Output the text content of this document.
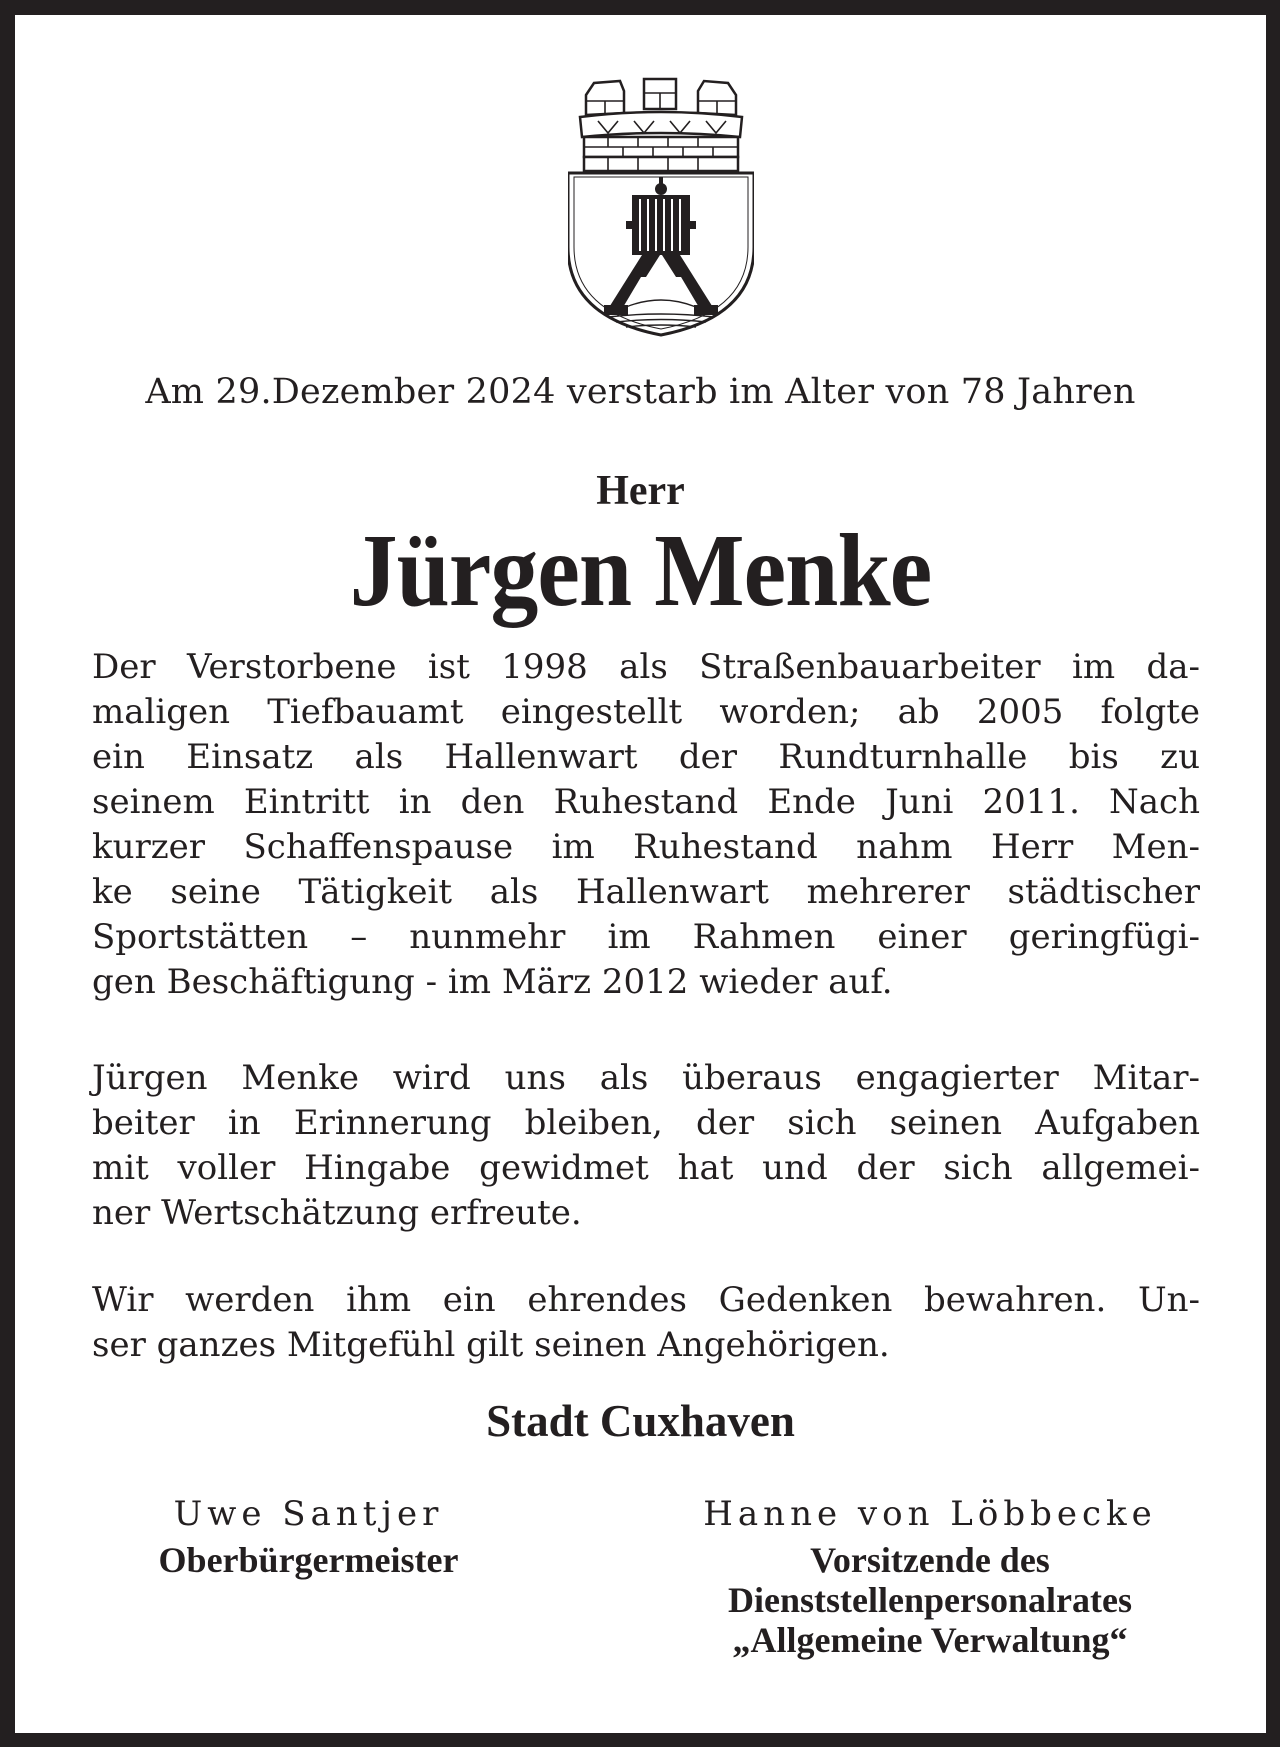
Am 29.Dezember 2024 verstarb im Alter von 78 Jahren
Herr
Jürgen Menke
Der Verstorbene ist 1998 als Straßenbauarbeiter im da-
maligen Tiefbauamt eingestellt worden; ab 2005 folgte
ein Einsatz als Hallenwart der Rundturnhalle bis zu
seinem Eintritt in den Ruhestand Ende Juni 2011. Nach
kurzer Schaffenspause im Ruhestand nahm Herr Men-
ke seine Tätigkeit als Hallenwart mehrerer städtischer
Sportstätten – nunmehr im Rahmen einer geringfügi-
gen Beschäftigung - im März 2012 wieder auf.
Jürgen Menke wird uns als überaus engagierter Mitar-
beiter in Erinnerung bleiben, der sich seinen Aufgaben
mit voller Hingabe gewidmet hat und der sich allgemei-
ner Wertschätzung erfreute.
Wir werden ihm ein ehrendes Gedenken bewahren. Un-
ser ganzes Mitgefühl gilt seinen Angehörigen.
Stadt Cuxhaven
Uwe Santjer
Oberbürgermeister
Hanne von Löbbecke
Vorsitzende des
Dienststellenpersonalrates
„Allgemeine Verwaltung“
